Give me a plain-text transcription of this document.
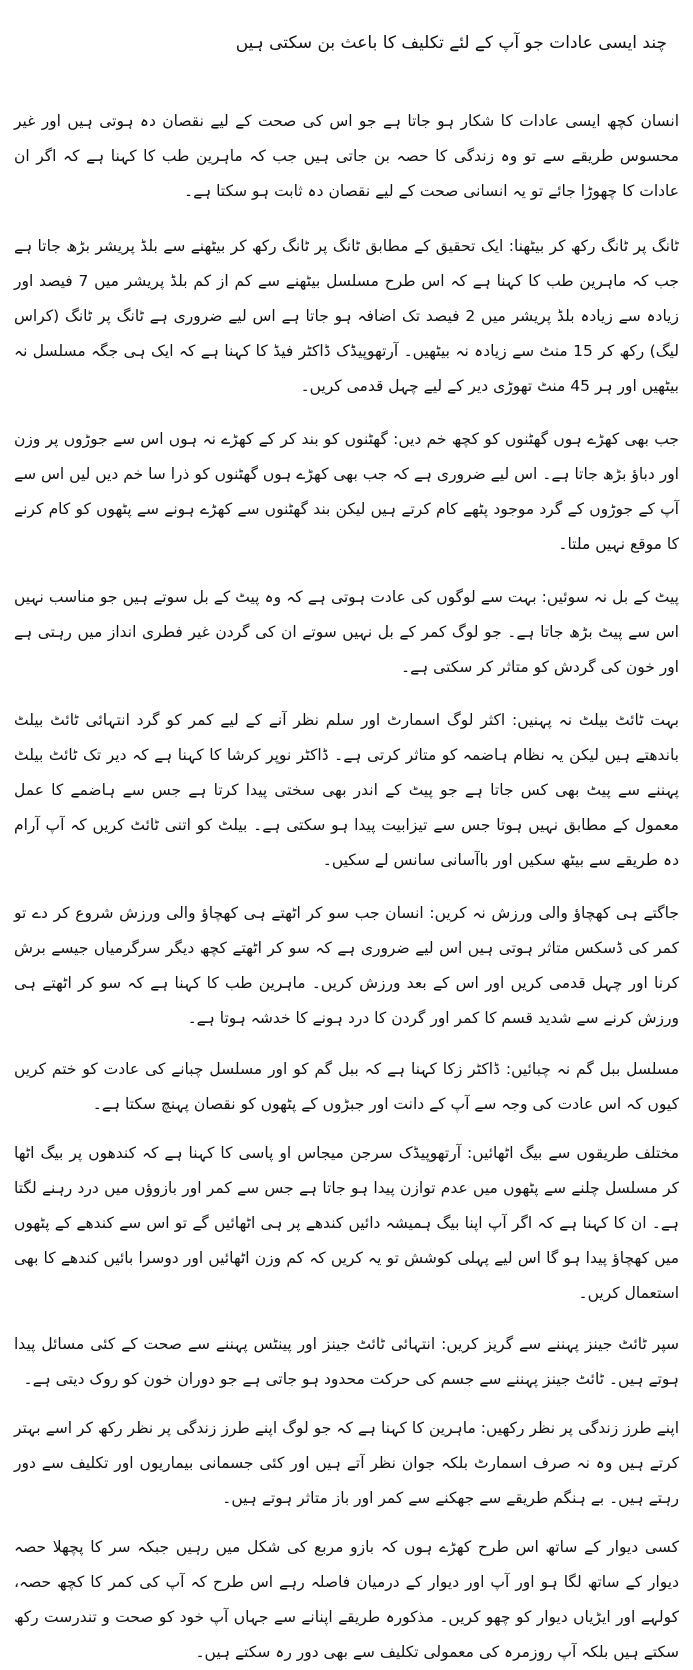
چند ایسی عادات جو آپ کے لئے تکلیف کا باعث بن سکتی ہیں

انسان کچھ ایسی عادات کا شکار ہو جاتا ہے جو اس کی صحت کے لیے نقصان دہ ہوتی ہیں اور غیر محسوس طریقے سے تو وہ زندگی کا حصہ بن جاتی ہیں جب کہ ماہرین طب کا کہنا ہے کہ اگر ان عادات کا چھوڑا جائے تو یہ انسانی صحت کے لیے نقصان دہ ثابت ہو سکتا ہے۔

ٹانگ پر ٹانگ رکھ کر بیٹھنا: ایک تحقیق کے مطابق ٹانگ پر ٹانگ رکھ کر بیٹھنے سے بلڈ پریشر بڑھ جاتا ہے جب کہ ماہرین طب کا کہنا ہے کہ اس طرح مسلسل بیٹھنے سے کم از کم بلڈ پریشر میں 7 فیصد اور زیادہ سے زیادہ بلڈ پریشر میں 2 فیصد تک اضافہ ہو جاتا ہے اس لیے ضروری ہے ٹانگ پر ٹانگ (کراس لیگ) رکھ کر 15 منٹ سے زیادہ نہ بیٹھیں۔ آرتھوپیڈک ڈاکٹر فیڈ کا کہنا ہے کہ ایک ہی جگہ مسلسل نہ بیٹھیں اور ہر 45 منٹ تھوڑی دیر کے لیے چہل قدمی کریں۔

جب بھی کھڑے ہوں گھٹنوں کو کچھ خم دیں: گھٹنوں کو بند کر کے کھڑے نہ ہوں اس سے جوڑوں پر وزن اور دباؤ بڑھ جاتا ہے۔ اس لیے ضروری ہے کہ جب بھی کھڑے ہوں گھٹنوں کو ذرا سا خم دیں لیں اس سے آپ کے جوڑوں کے گرد موجود پٹھے کام کرتے ہیں لیکن بند گھٹنوں سے کھڑے ہونے سے پٹھوں کو کام کرنے کا موقع نہیں ملتا۔

پیٹ کے بل نہ سوئیں: بہت سے لوگوں کی عادت ہوتی ہے کہ وہ پیٹ کے بل سوتے ہیں جو مناسب نہیں اس سے پیٹ بڑھ جاتا ہے۔ جو لوگ کمر کے بل نہیں سوتے ان کی گردن غیر فطری انداز میں رہتی ہے اور خون کی گردش کو متاثر کر سکتی ہے۔

بہت ٹائٹ بیلٹ نہ پہنیں: اکثر لوگ اسمارٹ اور سلم نظر آنے کے لیے کمر کو گرد انتہائی ٹائٹ بیلٹ باندھتے ہیں لیکن یہ نظام ہاضمہ کو متاثر کرتی ہے۔ ڈاکٹر نوپر کرشا کا کہنا ہے کہ دیر تک ٹائٹ بیلٹ پہننے سے پیٹ بھی کس جاتا ہے جو پیٹ کے اندر بھی سختی پیدا کرتا ہے جس سے ہاضمے کا عمل معمول کے مطابق نہیں ہوتا جس سے تیزابیت پیدا ہو سکتی ہے۔ بیلٹ کو اتنی ٹائٹ کریں کہ آپ آرام دہ طریقے سے بیٹھ سکیں اور باآسانی سانس لے سکیں۔

جاگتے ہی کھچاؤ والی ورزش نہ کریں: انسان جب سو کر اٹھتے ہی کھچاؤ والی ورزش شروع کر دے تو کمر کی ڈسکس متاثر ہوتی ہیں اس لیے ضروری ہے کہ سو کر اٹھتے کچھ دیگر سرگرمیاں جیسے برش کرنا اور چہل قدمی کریں اور اس کے بعد ورزش کریں۔ ماہرین طب کا کہنا ہے کہ سو کر اٹھتے ہی ورزش کرنے سے شدید قسم کا کمر اور گردن کا درد ہونے کا خدشہ ہوتا ہے۔

مسلسل ببل گم نہ چبائیں: ڈاکٹر زکا کہنا ہے کہ ببل گم کو اور مسلسل چبانے کی عادت کو ختم کریں کیوں کہ اس عادت کی وجہ سے آپ کے دانت اور جبڑوں کے پٹھوں کو نقصان پہنچ سکتا ہے۔

مختلف طریقوں سے بیگ اٹھائیں: آرتھوپیڈک سرجن میجاس او پاسی کا کہنا ہے کہ کندھوں پر بیگ اٹھا کر مسلسل چلنے سے پٹھوں میں عدم توازن پیدا ہو جاتا ہے جس سے کمر اور بازوؤں میں درد رہنے لگتا ہے۔ ان کا کہنا ہے کہ اگر آپ اپنا بیگ ہمیشہ دائیں کندھے پر ہی اٹھائیں گے تو اس سے کندھے کے پٹھوں میں کھچاؤ پیدا ہو گا اس لیے پہلی کوشش تو یہ کریں کہ کم وزن اٹھائیں اور دوسرا بائیں کندھے کا بھی استعمال کریں۔

سپر ٹائٹ جینز پہننے سے گریز کریں: انتہائی ٹائٹ جینز اور پینٹس پہننے سے صحت کے کئی مسائل پیدا ہوتے ہیں۔ ٹائٹ جینز پہننے سے جسم کی حرکت محدود ہو جاتی ہے جو دوران خون کو روک دیتی ہے۔

اپنے طرز زندگی پر نظر رکھیں: ماہرین کا کہنا ہے کہ جو لوگ اپنے طرز زندگی پر نظر رکھ کر اسے بہتر کرتے ہیں وہ نہ صرف اسمارٹ بلکہ جوان نظر آتے ہیں اور کئی جسمانی بیماریوں اور تکلیف سے دور رہتے ہیں۔ بے ہنگم طریقے سے جھکنے سے کمر اور باز متاثر ہوتے ہیں۔

کسی دیوار کے ساتھ اس طرح کھڑے ہوں کہ بازو مربع کی شکل میں رہیں جبکہ سر کا پچھلا حصہ دیوار کے ساتھ لگا ہو اور آپ اور دیوار کے درمیان فاصلہ رہے اس طرح کہ آپ کی کمر کا کچھ حصہ، کولہے اور ایڑیاں دیوار کو چھو کریں۔ مذکورہ طریقے اپنانے سے جہاں آپ خود کو صحت و تندرست رکھ سکتے ہیں بلکہ آپ روزمرہ کی معمولی تکلیف سے بھی دور رہ سکتے ہیں۔
